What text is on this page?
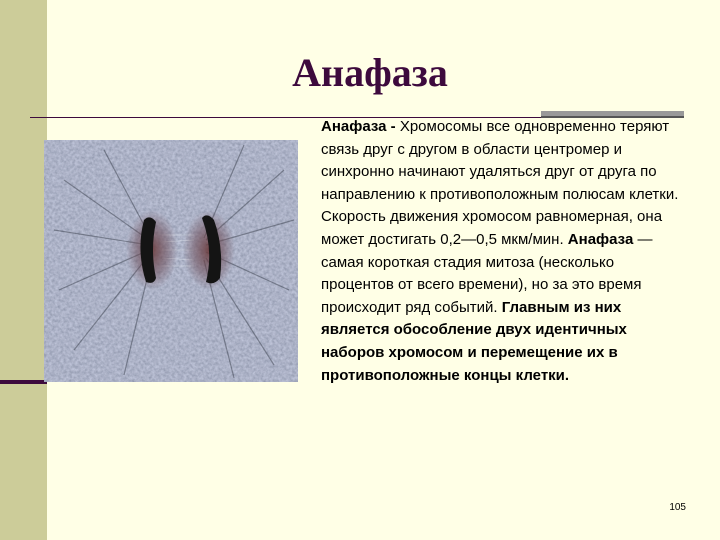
Анафаза

Анафаза - Хромосомы все одновременно теряют связь друг с другом в области центромер и синхронно начинают удаляться друг от друга по направлению к противоположным полюсам клетки. Скорость движения хромосом равномерная, она может достигать 0,2—0,5 мкм/мин. Анафаза — самая короткая стадия митоза (несколько процентов от всего времени), но за это время происходит ряд событий. Главным из них является обособление двух идентичных наборов хромосом и перемещение их в противоположные концы клетки.

105
